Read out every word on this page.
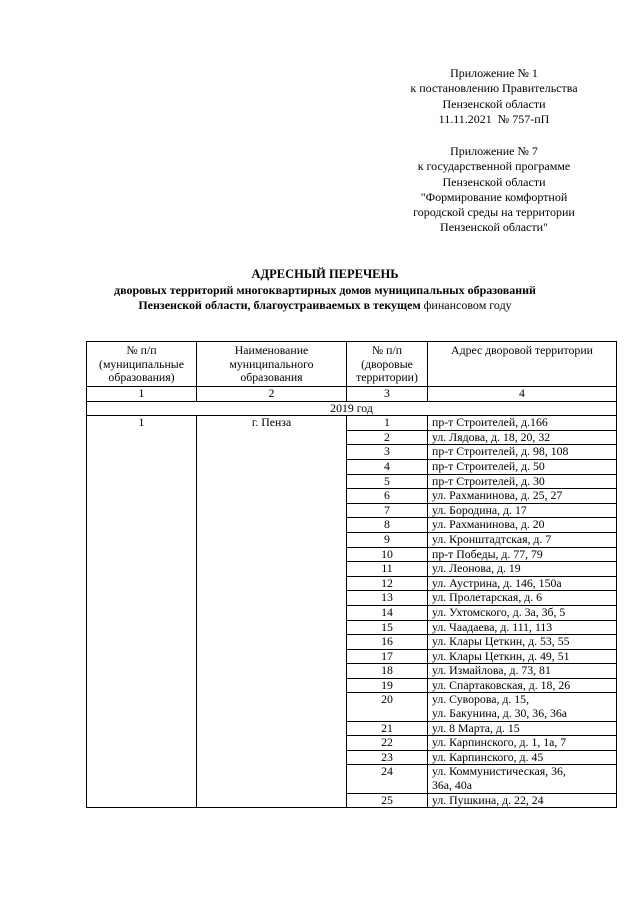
Приложение № 1
к постановлению Правительства
Пензенской области
11.11.2021  № 757-пП
Приложение № 7
к государственной программе
Пензенской области
"Формирование комфортной
городской среды на территории
Пензенской области"
АДРЕСНЫЙ ПЕРЕЧЕНЬ
дворовых территорий многоквартирных домов муниципальных образований
Пензенской области, благоустраиваемых в текущем финансовом году
№ п/п (муниципальные образования)	Наименование муниципального образования	№ п/п (дворовые территории)	Адрес дворовой территории
1	2	3	4
2019 год			
1	г. Пенза	1	пр-т Строителей, д.166
		2	ул. Лядова, д. 18, 20, 32
		3	пр-т Строителей, д. 98, 108
		4	пр-т Строителей, д. 50
		5	пр-т Строителей, д. 30
		6	ул. Рахманинова, д. 25, 27
		7	ул. Бородина, д. 17
		8	ул. Рахманинова, д. 20
		9	ул. Кронштадтская, д. 7
		10	пр-т Победы, д. 77, 79
		11	ул. Леонова, д. 19
		12	ул. Аустрина, д. 146, 150а
		13	ул. Пролетарская, д. 6
		14	ул. Ухтомского, д. 3а, 3б, 5
		15	ул. Чаадаева, д. 111, 113
		16	ул. Клары Цеткин, д. 53, 55
		17	ул. Клары Цеткин, д. 49, 51
		18	ул. Измайлова, д. 73, 81
		19	ул. Спартаковская, д. 18, 26
		20	ул. Суворова, д. 15,
ул. Бакунина, д. 30, 36, 36а
		21	ул. 8 Марта, д. 15
		22	ул. Карпинского, д. 1, 1а, 7
		23	ул. Карпинского, д. 45
		24	ул. Коммунистическая, 36,
36а, 40а
		25	ул. Пушкина, д. 22, 24
